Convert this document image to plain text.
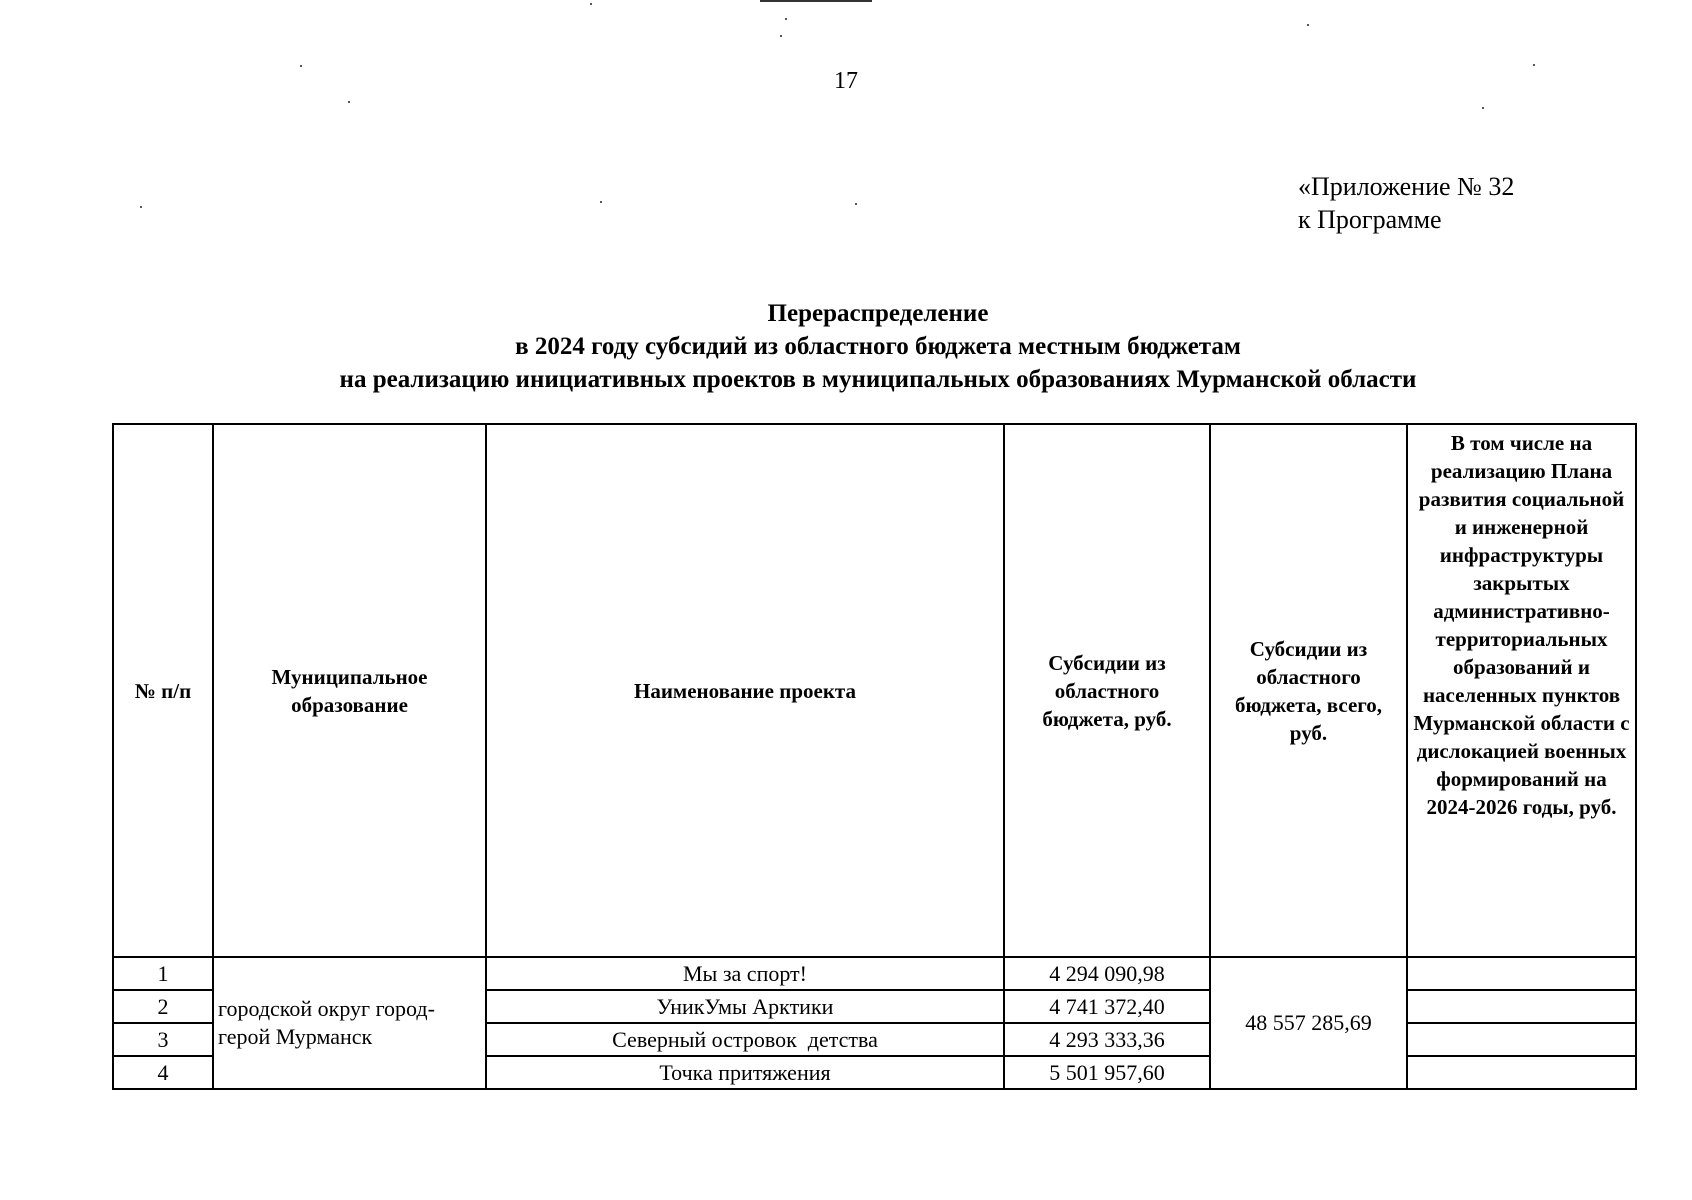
17
«Приложение № 32
к Программе
Перераспределение
в 2024 году субсидий из областного бюджета местным бюджетам
на реализацию инициативных проектов в муниципальных образованиях Мурманской области
№ п/п	Муниципальное образование	Наименование проекта	Субсидии из областного бюджета, руб.	Субсидии из областного бюджета, всего, руб.	В том числе на реализацию Плана развития социальной и инженерной инфраструктуры закрытых административно-территориальных образований и населенных пунктов Мурманской области с дислокацией военных формирований на 2024-2026 годы, руб.

1	городской округ город-герой Мурманск	Мы за спорт!	4 294 090,98	48 557 285,69	
2		УникУмы Арктики	4 741 372,40		
3		Северный островок  детства	4 293 333,36		
4		Точка притяжения	5 501 957,60		
